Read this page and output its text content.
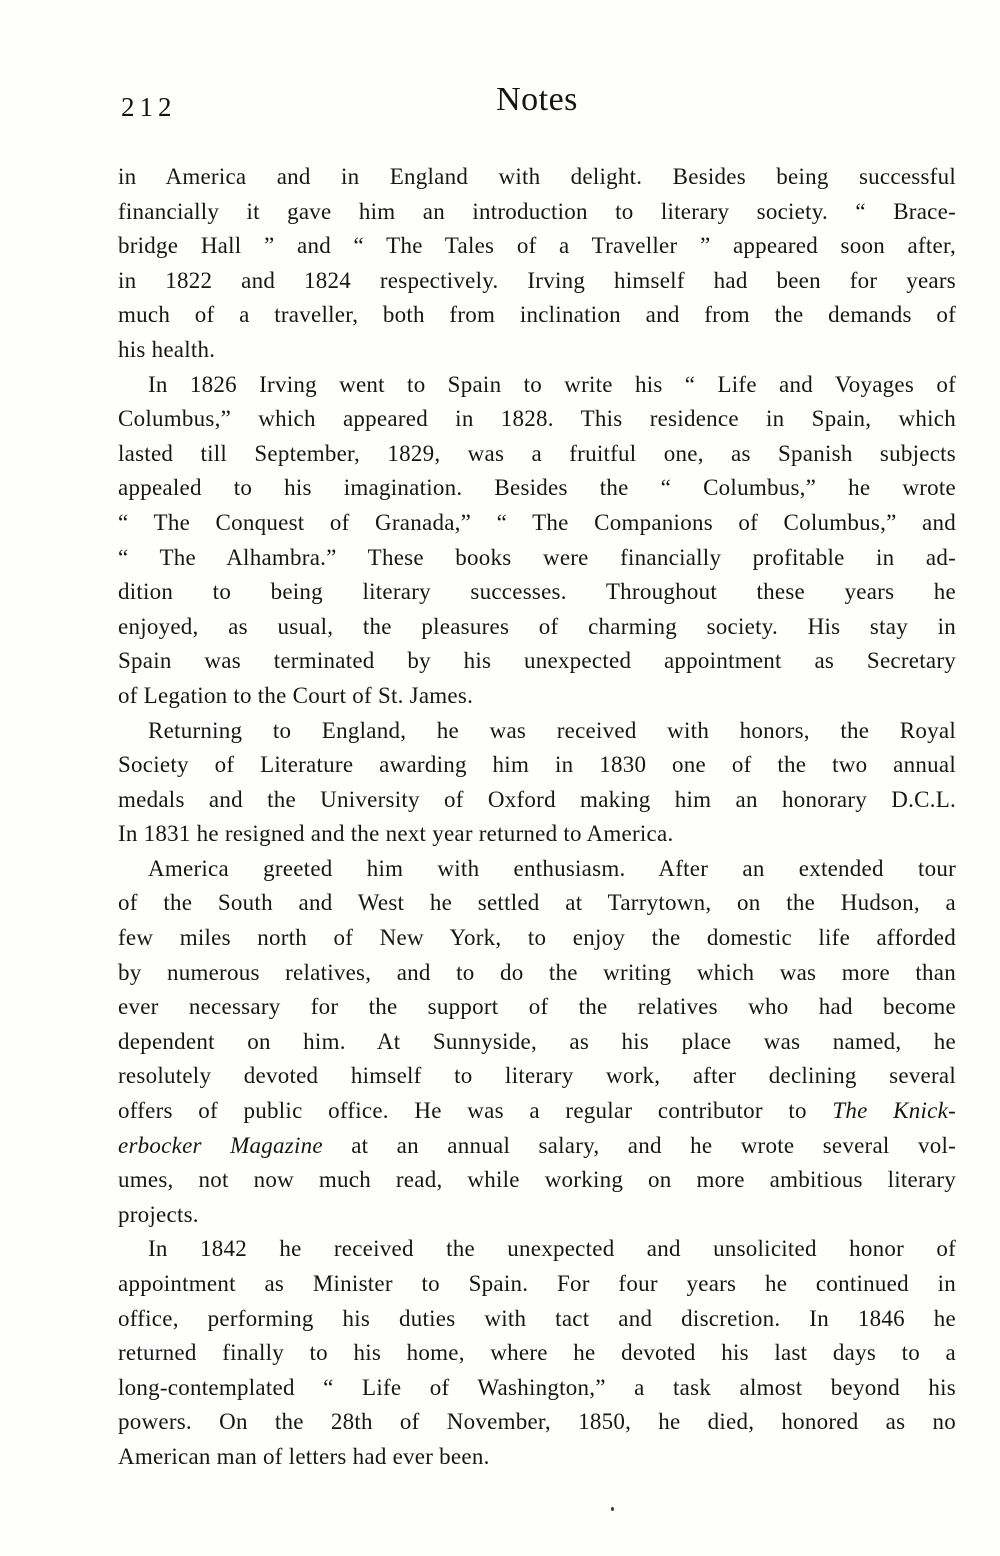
212	Notes
in America and in England with delight. Besides being successful
financially it gave him an introduction to literary society. “ Brace-
bridge Hall ” and “ The Tales of a Traveller ” appeared soon after,
in 1822 and 1824 respectively. Irving himself had been for years
much of a traveller, both from inclination and from the demands of
his health.
In 1826 Irving went to Spain to write his “ Life and Voyages of
Columbus,” which appeared in 1828. This residence in Spain, which
lasted till September, 1829, was a fruitful one, as Spanish subjects
appealed to his imagination. Besides the “ Columbus,” he wrote
“ The Conquest of Granada,” “ The Companions of Columbus,” and
“ The Alhambra.” These books were financially profitable in ad-
dition to being literary successes. Throughout these years he
enjoyed, as usual, the pleasures of charming society. His stay in
Spain was terminated by his unexpected appointment as Secretary
of Legation to the Court of St. James.
Returning to England, he was received with honors, the Royal
Society of Literature awarding him in 1830 one of the two annual
medals and the University of Oxford making him an honorary D.C.L.
In 1831 he resigned and the next year returned to America.
America greeted him with enthusiasm. After an extended tour
of the South and West he settled at Tarrytown, on the Hudson, a
few miles north of New York, to enjoy the domestic life afforded
by numerous relatives, and to do the writing which was more than
ever necessary for the support of the relatives who had become
dependent on him. At Sunnyside, as his place was named, he
resolutely devoted himself to literary work, after declining several
offers of public office. He was a regular contributor to The Knick-
erbocker Magazine at an annual salary, and he wrote several vol-
umes, not now much read, while working on more ambitious literary
projects.
In 1842 he received the unexpected and unsolicited honor of
appointment as Minister to Spain. For four years he continued in
office, performing his duties with tact and discretion. In 1846 he
returned finally to his home, where he devoted his last days to a
long-contemplated “ Life of Washington,” a task almost beyond his
powers. On the 28th of November, 1850, he died, honored as no
American man of letters had ever been.
